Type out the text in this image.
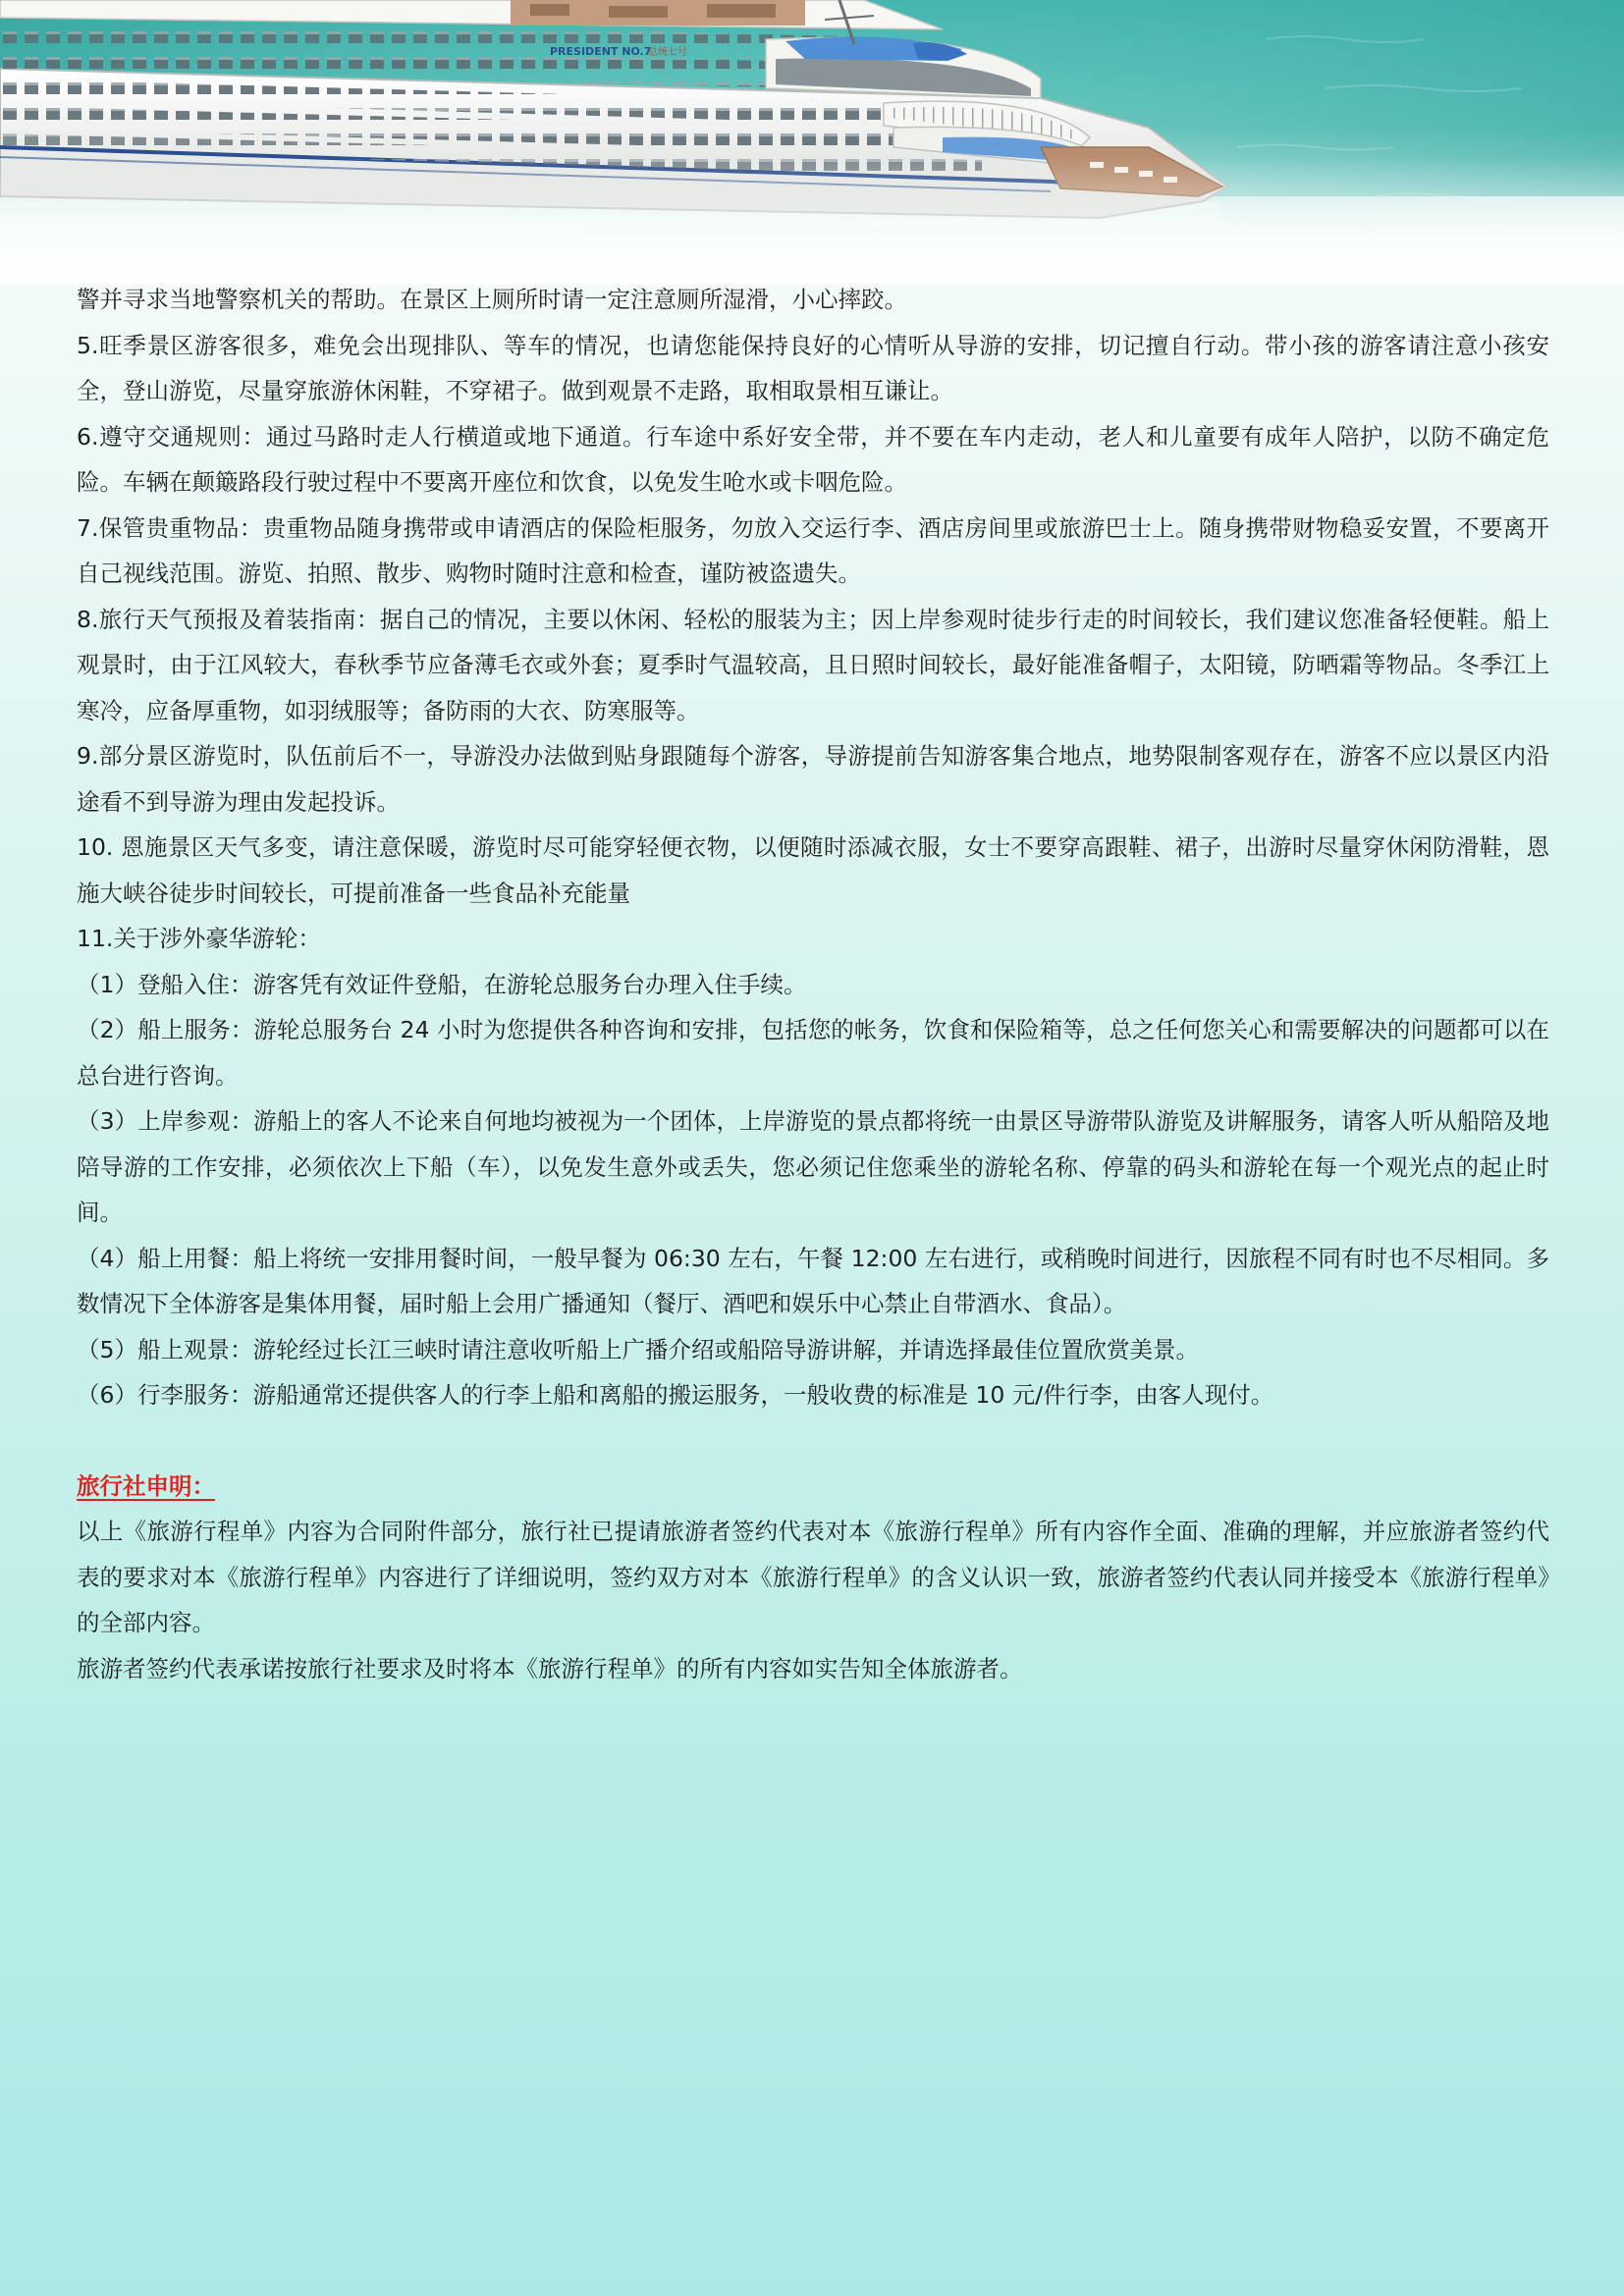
警并寻求当地警察机关的帮助。在景区上厕所时请一定注意厕所湿滑，小心摔跤。

5.旺季景区游客很多，难免会出现排队、等车的情况，也请您能保持良好的心情听从导游的安排，切记擅自行动。带小孩的游客请注意小孩安全，登山游览，尽量穿旅游休闲鞋，不穿裙子。做到观景不走路，取相取景相互谦让。

6.遵守交通规则：通过马路时走人行横道或地下通道。行车途中系好安全带，并不要在车内走动，老人和儿童要有成年人陪护，以防不确定危险。车辆在颠簸路段行驶过程中不要离开座位和饮食，以免发生呛水或卡咽危险。

7.保管贵重物品：贵重物品随身携带或申请酒店的保险柜服务，勿放入交运行李、酒店房间里或旅游巴士上。随身携带财物稳妥安置，不要离开自己视线范围。游览、拍照、散步、购物时随时注意和检查，谨防被盗遗失。

8.旅行天气预报及着装指南：据自己的情况，主要以休闲、轻松的服装为主；因上岸参观时徒步行走的时间较长，我们建议您准备轻便鞋。船上观景时，由于江风较大，春秋季节应备薄毛衣或外套；夏季时气温较高，且日照时间较长，最好能准备帽子，太阳镜，防晒霜等物品。冬季江上寒冷，应备厚重物，如羽绒服等；备防雨的大衣、防寒服等。

9.部分景区游览时，队伍前后不一，导游没办法做到贴身跟随每个游客，导游提前告知游客集合地点，地势限制客观存在，游客不应以景区内沿途看不到导游为理由发起投诉。

10. 恩施景区天气多变，请注意保暖，游览时尽可能穿轻便衣物，以便随时添减衣服，女士不要穿高跟鞋、裙子，出游时尽量穿休闲防滑鞋，恩施大峡谷徒步时间较长，可提前准备一些食品补充能量

11.关于涉外豪华游轮：

（1）登船入住：游客凭有效证件登船，在游轮总服务台办理入住手续。

（2）船上服务：游轮总服务台 24 小时为您提供各种咨询和安排，包括您的帐务，饮食和保险箱等，总之任何您关心和需要解决的问题都可以在总台进行咨询。

（3）上岸参观：游船上的客人不论来自何地均被视为一个团体，上岸游览的景点都将统一由景区导游带队游览及讲解服务，请客人听从船陪及地陪导游的工作安排，必须依次上下船（车），以免发生意外或丢失，您必须记住您乘坐的游轮名称、停靠的码头和游轮在每一个观光点的起止时间。

（4）船上用餐：船上将统一安排用餐时间，一般早餐为 06:30 左右，午餐 12:00 左右进行，或稍晚时间进行，因旅程不同有时也不尽相同。多数情况下全体游客是集体用餐，届时船上会用广播通知（餐厅、酒吧和娱乐中心禁止自带酒水、食品）。

（5）船上观景：游轮经过长江三峡时请注意收听船上广播介绍或船陪导游讲解，并请选择最佳位置欣赏美景。

（6）行李服务：游船通常还提供客人的行李上船和离船的搬运服务，一般收费的标准是 10 元/件行李，由客人现付。

旅行社申明：

以上《旅游行程单》内容为合同附件部分，旅行社已提请旅游者签约代表对本《旅游行程单》所有内容作全面、准确的理解，并应旅游者签约代表的要求对本《旅游行程单》内容进行了详细说明，签约双方对本《旅游行程单》的含义认识一致，旅游者签约代表认同并接受本《旅游行程单》的全部内容。

旅游者签约代表承诺按旅行社要求及时将本《旅游行程单》的所有内容如实告知全体旅游者。
